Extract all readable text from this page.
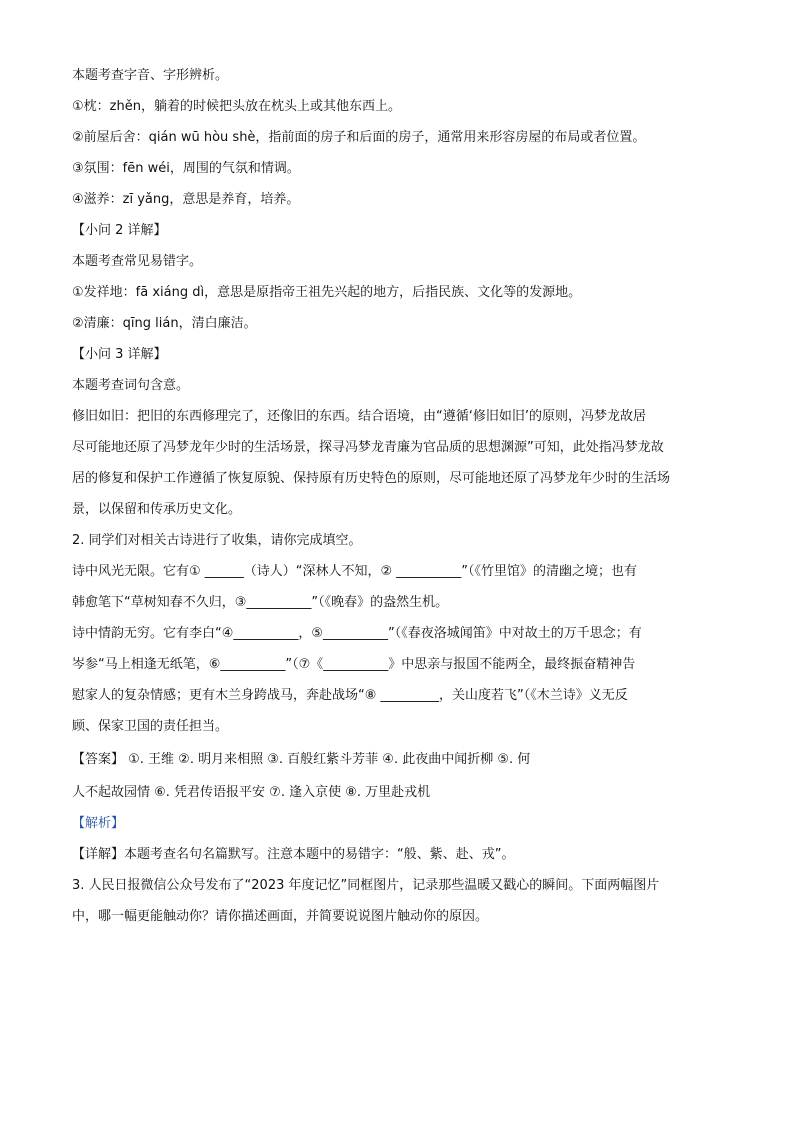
本题考查字音、字形辨析。
①枕：zhěn，躺着的时候把头放在枕头上或其他东西上。
②前屋后舍：qián wū hòu shè，指前面的房子和后面的房子，通常用来形容房屋的布局或者位置。
③氛围：fēn wéi，周围的气氛和情调。
④滋养：zī yǎng，意思是养育，培养。
【小问 2 详解】
本题考查常见易错字。
①发祥地：fā xiáng dì，意思是原指帝王祖先兴起的地方，后指民族、文化等的发源地。
②清廉：qīng lián，清白廉洁。
【小问 3 详解】
本题考查词句含意。
修旧如旧：把旧的东西修理完了，还像旧的东西。结合语境，由“遵循‘修旧如旧’的原则，冯梦龙故居
尽可能地还原了冯梦龙年少时的生活场景，探寻冯梦龙青廉为官品质的思想渊源”可知，此处指冯梦龙故
居的修复和保护工作遵循了恢复原貌、保持原有历史特色的原则，尽可能地还原了冯梦龙年少时的生活场
景，以保留和传承历史文化。
2. 同学们对相关古诗进行了收集，请你完成填空。
诗中风光无限。它有① ______（诗人）“深林人不知，② __________”（《竹里馆》的清幽之境；也有
韩愈笔下“草树知春不久归，③__________”（《晚春》的盎然生机。
诗中情韵无穷。它有李白“④__________，⑤__________”（《春夜洛城闻笛》中对故土的万千思念；有
岑参“马上相逢无纸笔，⑥__________”（⑦《__________》中思亲与报国不能两全，最终振奋精神告
慰家人的复杂情感；更有木兰身跨战马，奔赴战场“⑧ _________，关山度若飞”（《木兰诗》义无反
顾、保家卫国的责任担当。
【答案】 ①. 王维 ②. 明月来相照 ③. 百般红紫斗芳菲 ④. 此夜曲中闻折柳 ⑤. 何
人不起故园情 ⑥. 凭君传语报平安 ⑦. 逢入京使 ⑧. 万里赴戎机
【解析】
【详解】本题考查名句名篇默写。注意本题中的易错字：“般、紫、赴、戎”。
3. 人民日报微信公众号发布了“2023 年度记忆”同框图片，记录那些温暖又戳心的瞬间。下面两幅图片
中，哪一幅更能触动你？请你描述画面，并简要说说图片触动你的原因。
